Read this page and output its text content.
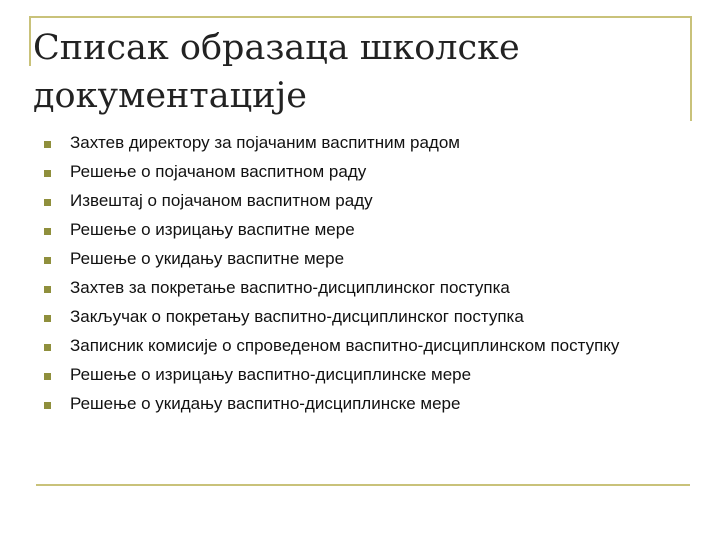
Списак образаца школске документације
Захтев директору за појачаним васпитним радом
Решење о појачаном васпитном раду
Извештај о појачаном васпитном раду
Решење о изрицању васпитне мере
Решење о укидању васпитне мере
Захтев за покретање васпитно-дисциплинског поступка
Закључак о покретању васпитно-дисциплинског поступка
Записник комисије о спроведеном васпитно-дисциплинском поступку
Решење о изрицању васпитно-дисциплинске мере
Решење о укидању васпитно-дисциплинске мере
